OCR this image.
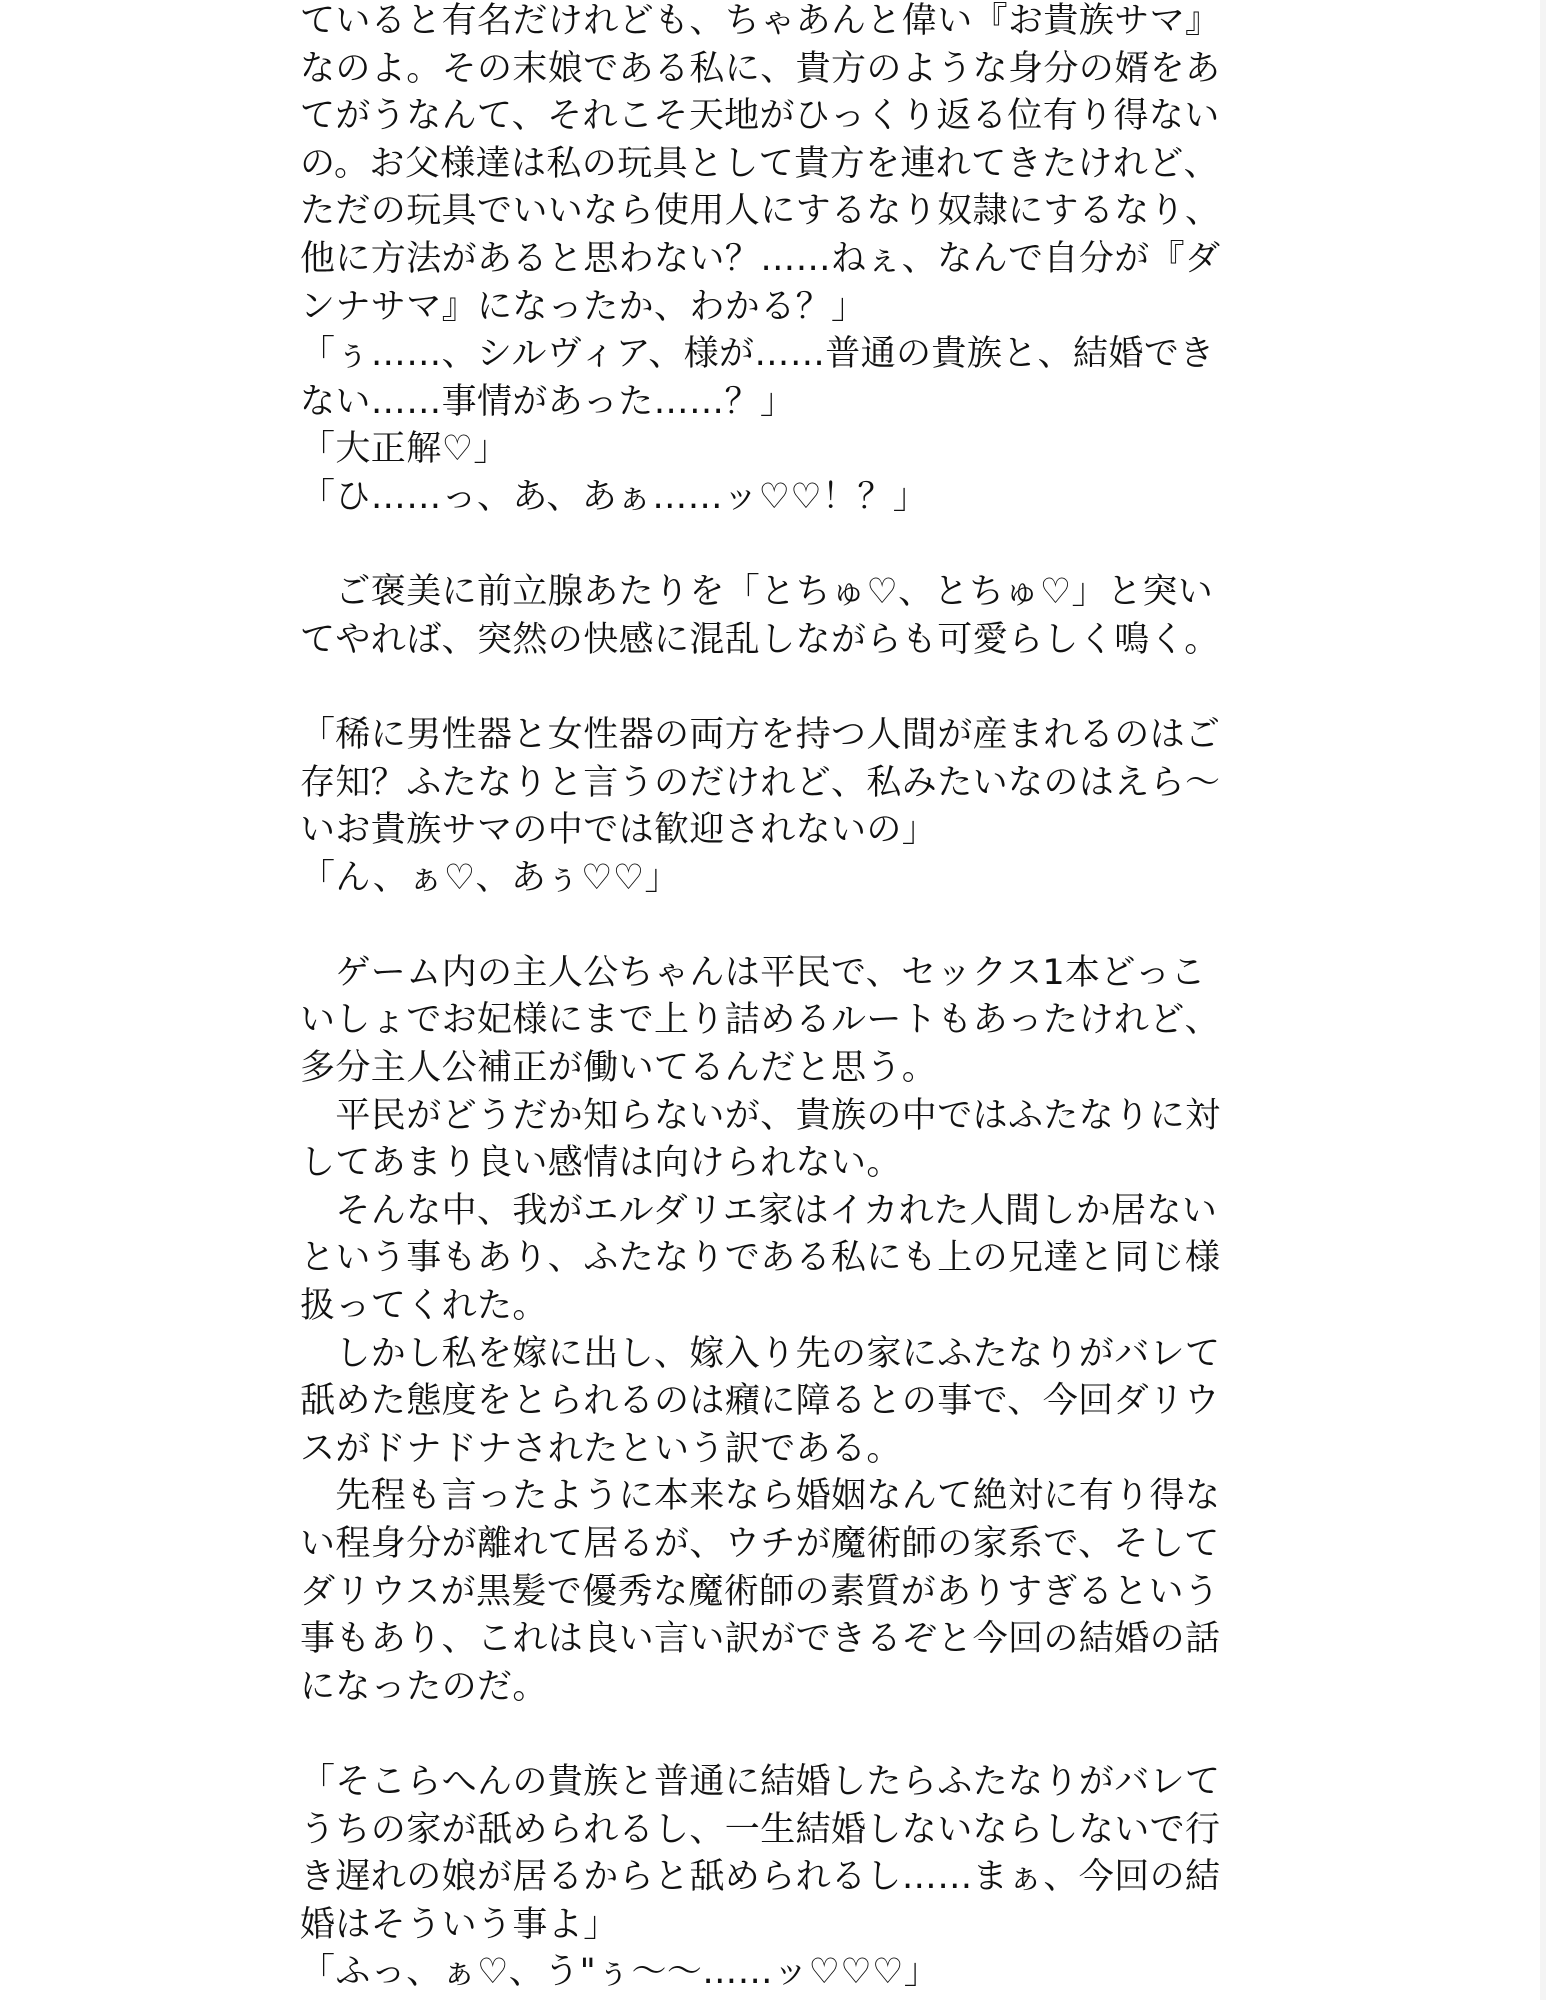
ていると有名だけれども、ちゃあんと偉い『お貴族サマ』
なのよ。その末娘である私に、貴方のような身分の婿をあ
てがうなんて、それこそ天地がひっくり返る位有り得ない
の。お父様達は私の玩具として貴方を連れてきたけれど、
ただの玩具でいいなら使用人にするなり奴隷にするなり、
他に方法があると思わない？……ねぇ、なんで自分が『ダ
ンナサマ』になったか、わかる？」
「ぅ……、シルヴィア、様が……普通の貴族と、結婚でき
ない……事情があった……？」
「大正解♡」
「ひ……っ、あ、あぁ……ッ♡♡！？」
　ご褒美に前立腺あたりを「とちゅ♡、とちゅ♡」と突い
てやれば、突然の快感に混乱しながらも可愛らしく鳴く。
「稀に男性器と女性器の両方を持つ人間が産まれるのはご
存知？ふたなりと言うのだけれど、私みたいなのはえら〜
いお貴族サマの中では歓迎されないの」
「ん、ぁ♡、あぅ♡♡」
　ゲーム内の主人公ちゃんは平民で、セックス1本どっこ
いしょでお妃様にまで上り詰めるルートもあったけれど、
多分主人公補正が働いてるんだと思う。
　平民がどうだか知らないが、貴族の中ではふたなりに対
してあまり良い感情は向けられない。
　そんな中、我がエルダリエ家はイカれた人間しか居ない
という事もあり、ふたなりである私にも上の兄達と同じ様
扱ってくれた。
　しかし私を嫁に出し、嫁入り先の家にふたなりがバレて
舐めた態度をとられるのは癪に障るとの事で、今回ダリウ
スがドナドナされたという訳である。
　先程も言ったように本来なら婚姻なんて絶対に有り得な
い程身分が離れて居るが、ウチが魔術師の家系で、そして
ダリウスが黒髪で優秀な魔術師の素質がありすぎるという
事もあり、これは良い言い訳ができるぞと今回の結婚の話
になったのだ。
「そこらへんの貴族と普通に結婚したらふたなりがバレて
うちの家が舐められるし、一生結婚しないならしないで行
き遅れの娘が居るからと舐められるし……まぁ、今回の結
婚はそういう事よ」
「ふっ、ぁ♡、う"ぅ〜〜……ッ♡♡♡」
